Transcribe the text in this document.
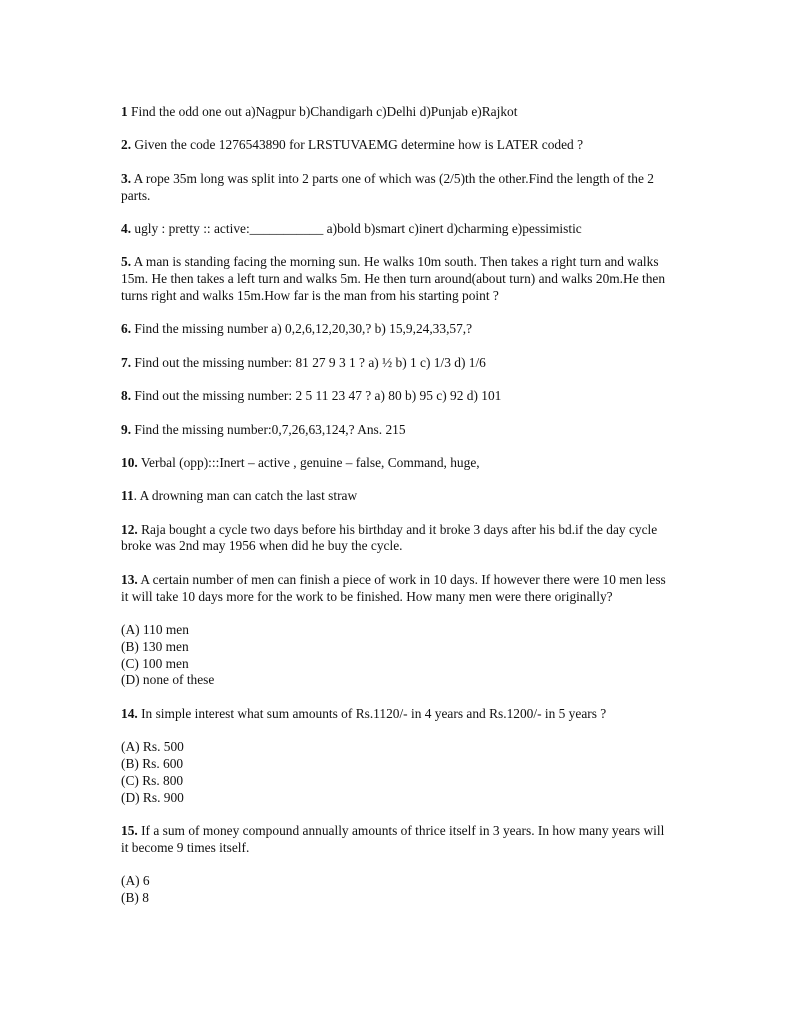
1 Find the odd one out a)Nagpur b)Chandigarh c)Delhi d)Punjab e)Rajkot

2. Given the code 1276543890 for LRSTUVAEMG determine how is LATER coded ?

3. A rope 35m long was split into 2 parts one of which was (2/5)th the other.Find the length of the 2 parts.

4. ugly : pretty :: active:___________ a)bold b)smart c)inert d)charming e)pessimistic

5. A man is standing facing the morning sun. He walks 10m south. Then takes a right turn and walks 15m. He then takes a left turn and walks 5m. He then turn around(about turn) and walks 20m.He then turns right and walks 15m.How far is the man from his starting point ?

6. Find the missing number a) 0,2,6,12,20,30,? b) 15,9,24,33,57,?

7. Find out the missing number: 81 27 9 3 1 ? a) ½ b) 1 c) 1/3 d) 1/6

8. Find out the missing number: 2 5 11 23 47 ? a) 80 b) 95 c) 92 d) 101

9. Find the missing number:0,7,26,63,124,? Ans. 215

10. Verbal (opp):::Inert – active , genuine – false, Command, huge,

11. A drowning man can catch the last straw

12. Raja bought a cycle two days before his birthday and it broke 3 days after his bd.if the day cycle broke was 2nd may 1956 when did he buy the cycle.

13. A certain number of men can finish a piece of work in 10 days. If however there were 10 men less it will take 10 days more for the work to be finished. How many men were there originally?

(A) 110 men
(B) 130 men
(C) 100 men
(D) none of these

14. In simple interest what sum amounts of Rs.1120/- in 4 years and Rs.1200/- in 5 years ?

(A) Rs. 500
(B) Rs. 600
(C) Rs. 800
(D) Rs. 900

15. If a sum of money compound annually amounts of thrice itself in 3 years. In how many years will it become 9 times itself.

(A) 6
(B) 8
